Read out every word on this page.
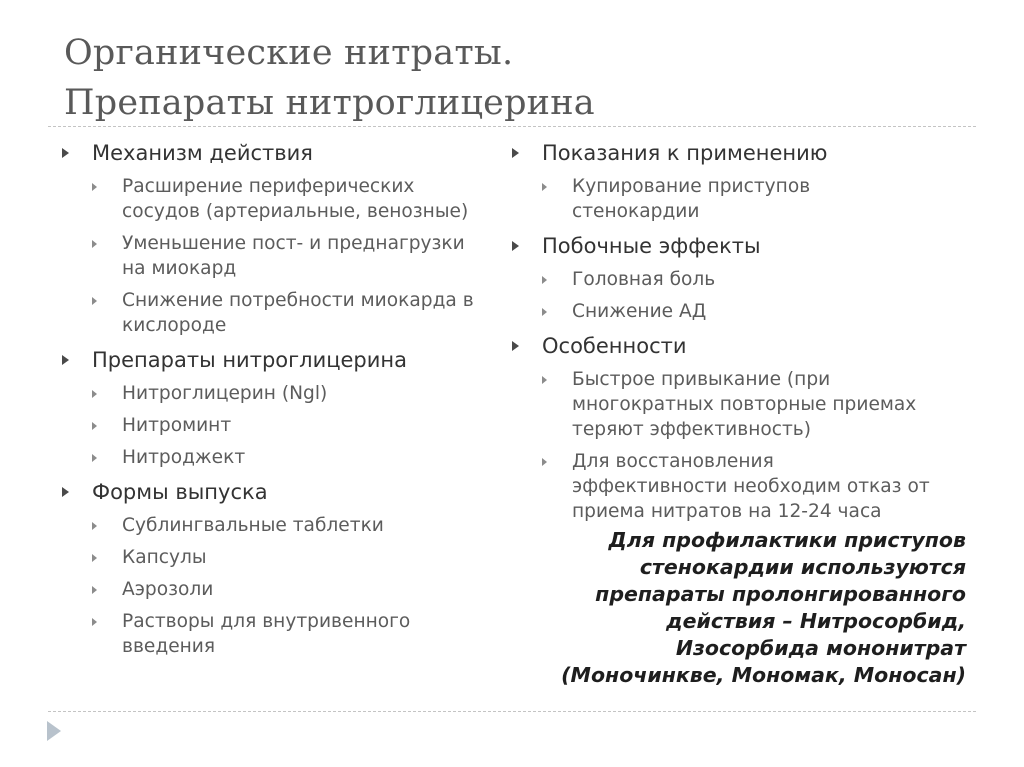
Органические нитраты.
Препараты нитроглицерина
Механизм действия
Расширение периферических
сосудов (артериальные, венозные)
Уменьшение пост- и преднагрузки
на миокард
Снижение потребности миокарда в
кислороде
Препараты нитроглицерина
Нитроглицерин (Ngl)
Нитроминт
Нитроджект
Формы выпуска
Сублингвальные таблетки
Капсулы
Аэрозоли
Растворы для внутривенного
введения
Показания к применению
Купирование приступов
стенокардии
Побочные эффекты
Головная боль
Снижение АД
Особенности
Быстрое привыкание (при
многократных повторные приемах
теряют эффективность)
Для восстановления
эффективности необходим отказ от
приема нитратов на 12-24 часа
Для профилактики приступов
стенокардии используются
препараты пролонгированного
действия – Нитросорбид,
Изосорбида мононитрат
(Моночинкве, Мономак, Моносан)
